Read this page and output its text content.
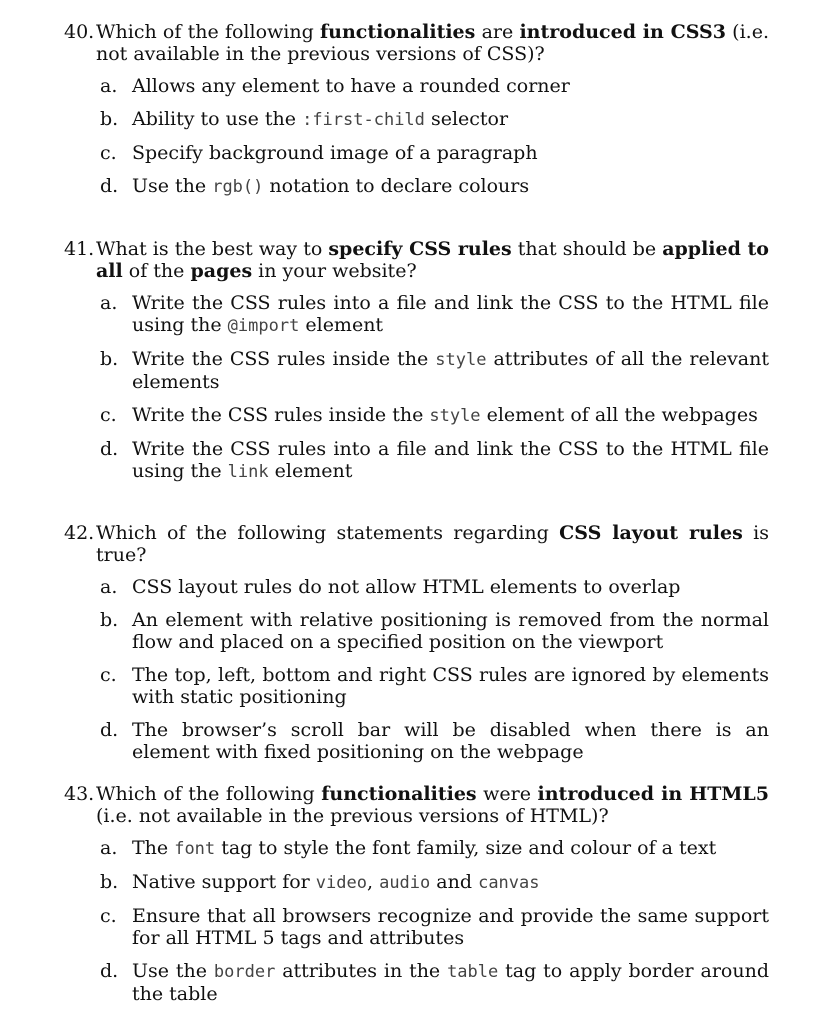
40. Which of the following functionalities are introduced in CSS3 (i.e. not available in the previous versions of CSS)?
a. Allows any element to have a rounded corner
b. Ability to use the :first-child selector
c. Specify background image of a paragraph
d. Use the rgb() notation to declare colours
41. What is the best way to specify CSS rules that should be applied to all of the pages in your website?
a. Write the CSS rules into a file and link the CSS to the HTML file using the @import element
b. Write the CSS rules inside the style attributes of all the relevant elements
c. Write the CSS rules inside the style element of all the webpages
d. Write the CSS rules into a file and link the CSS to the HTML file using the link element
42. Which of the following statements regarding CSS layout rules is true?
a. CSS layout rules do not allow HTML elements to overlap
b. An element with relative positioning is removed from the normal flow and placed on a specified position on the viewport
c. The top, left, bottom and right CSS rules are ignored by elements with static positioning
d. The browser’s scroll bar will be disabled when there is an element with fixed positioning on the webpage
43. Which of the following functionalities were introduced in HTML5 (i.e. not available in the previous versions of HTML)?
a. The font tag to style the font family, size and colour of a text
b. Native support for video, audio and canvas
c. Ensure that all browsers recognize and provide the same support for all HTML 5 tags and attributes
d. Use the border attributes in the table tag to apply border around the table
